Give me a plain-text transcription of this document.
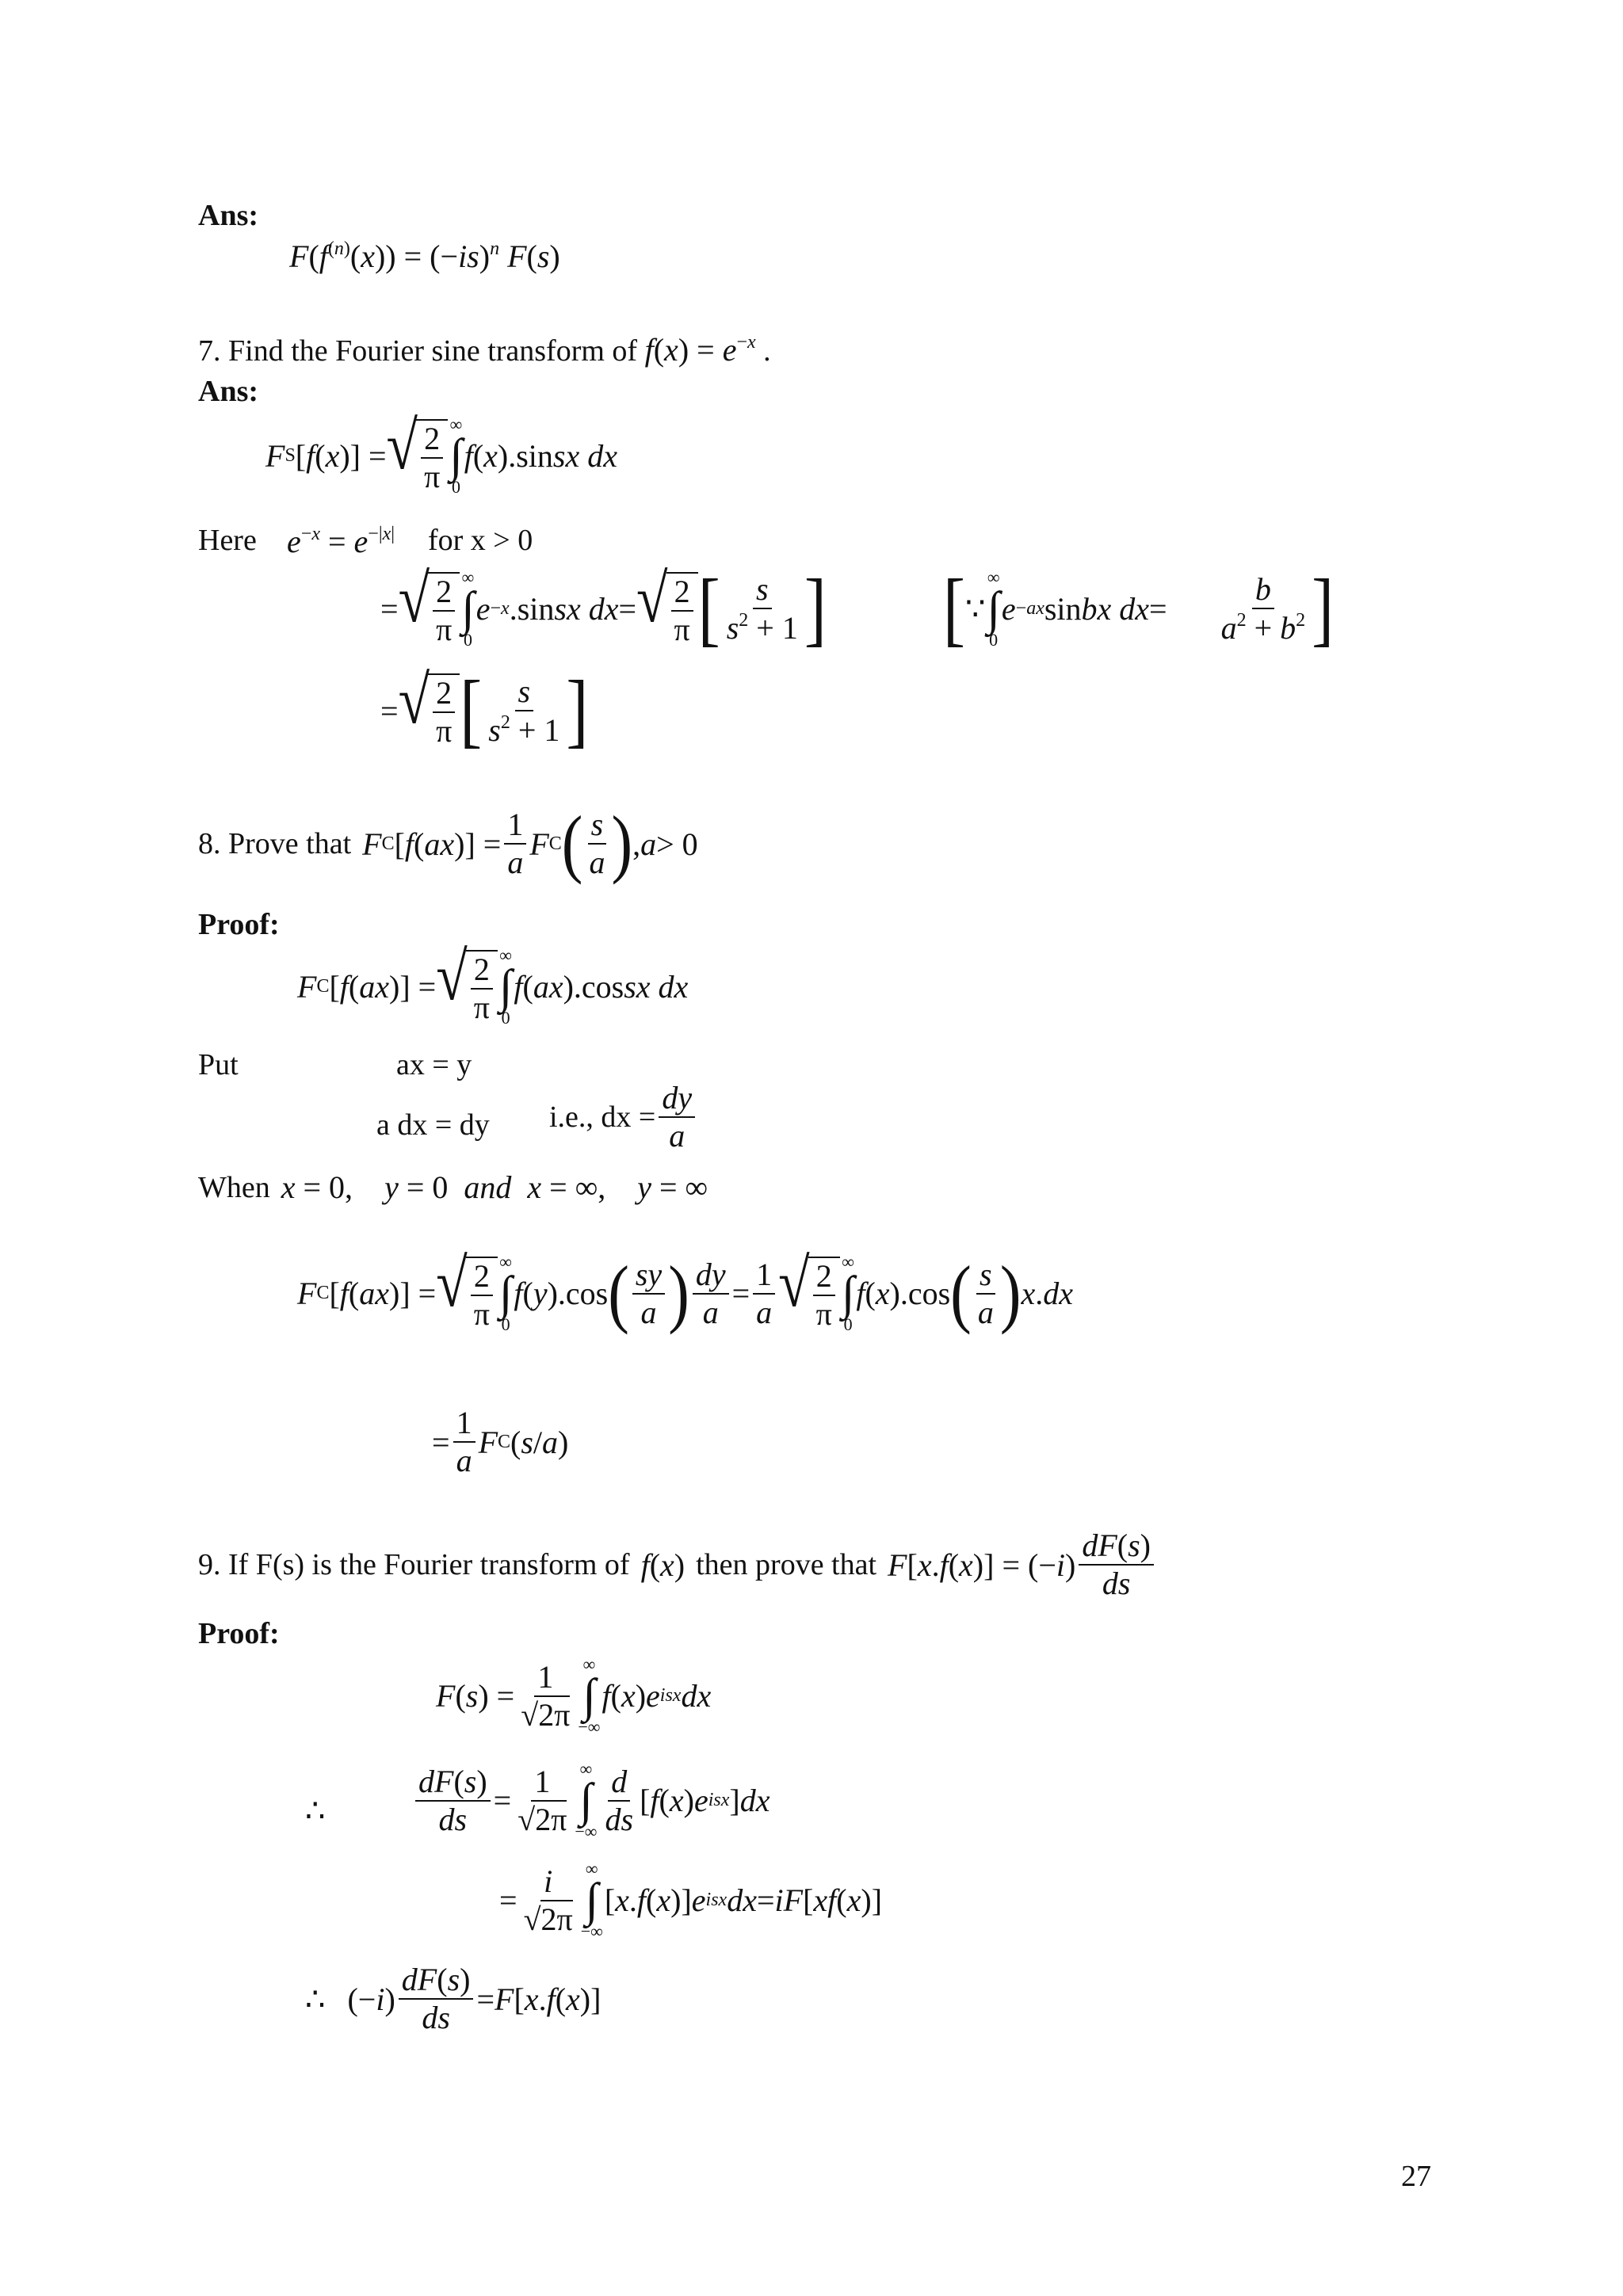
Ans:
$F(f^{(n)}(x)) = (-is)^n$ F(s)
7. Find the Fourier sine transform of $f(x) = e^{-x}$ .
Ans:
F S [ f ( x )] = √ $\frac{2}{\pi}$ ∞
∫
0
f ( x ).sin sx dx
Here $e^{-x} = e^{-|x|}$ for x > 0
= √ $\frac{2}{\pi}$ ∞
∫
0
e −x .sin sx dx = √ $\frac{2}{\pi}$ [ $\frac{s}{s^2 + 1}$ ] [ ∵
∞
∫
0
e −ax sin bx dx = $\frac{b}{a^2 + b^2}$ ]
= √ $\frac{2}{\pi}$ [ $\frac{s}{s^2 + 1}$ ]
8. Prove that F C [ f ( ax )] = $\frac{1}{a}$ F C ( $\frac{s}{a}$ ) , a > 0
Proof:
F C [ f ( ax )] = √ $\frac{2}{\pi}$ ∞
∫
0
f ( ax ).cos sx dx
Put	ax = y
a dx = dy i.e., dx = $\frac{dy}{a}$
When x = 0,    y = 0  and x = ∞,    y = ∞
F C [ f ( ax )] = √ $\frac{2}{\pi}$ ∞
∫
0
f ( y ).cos ( $\frac{sy}{a}$ ) $\frac{dy}{a} = \frac{1}{a}$ √ $\frac{2}{\pi}$ ∞
∫
0
f ( x ).cos ( $\frac{s}{a}$ ) x . dx
= $\frac{1}{a}$ F C ( s / a )
9. If F(s) is the Fourier transform of f(x) then prove that F [ x . f ( x )] = (− i ) $\frac{dF(s)}{ds}$
Proof:
F ( s ) = $\frac{1}{√2\pi}$ ∞
∫
−∞
f ( x ) e isx dx
∴	$\frac{dF(s)}{ds} = \frac{1}{√2\pi}$ ∞
∫
−∞ $\frac{d}{ds}$ [ f ( x ) e isx ] dx
= $\frac{i}{√2\pi}$ ∞
∫
−∞
[ x . f ( x )] e isx dx = iF [ xf ( x )]
∴ (− i ) $\frac{dF(s)}{ds} = F$ [ x . f ( x )]
27
